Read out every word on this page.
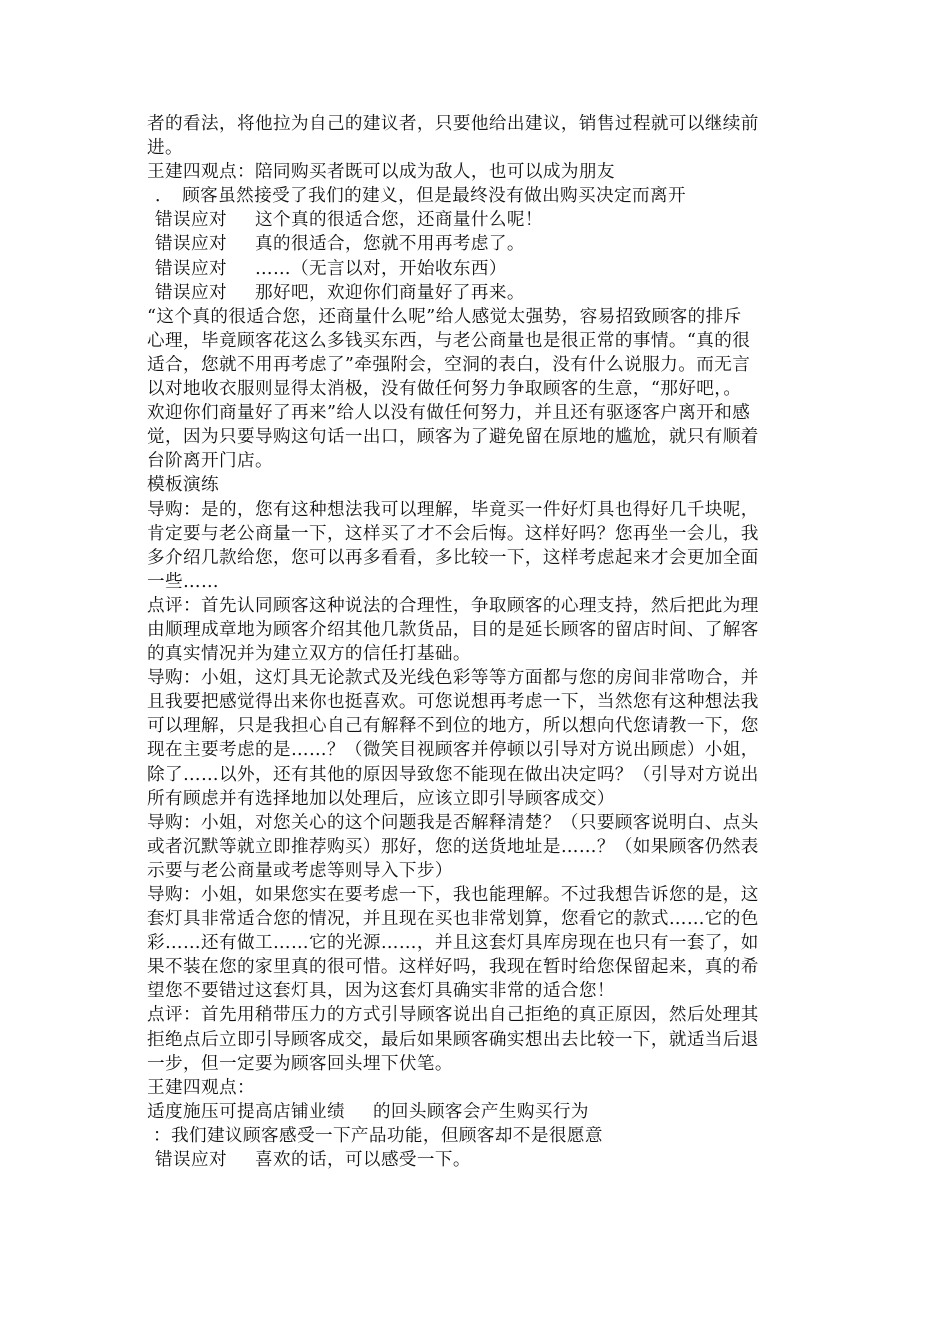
者的看法，将他拉为自己的建议者，只要他给出建议，销售过程就可以继续前
进。
王建四观点：陪同购买者既可以成为敌人，也可以成为朋友
．　顾客虽然接受了我们的建义，但是最终没有做出购买决定而离开
错误应对 这个真的很适合您，还商量什么呢！
错误应对 真的很适合，您就不用再考虑了。
错误应对 ……（无言以对，开始收东西）
错误应对 那好吧，欢迎你们商量好了再来。
“这个真的很适合您，还商量什么呢”给人感觉太强势，容易招致顾客的排斥
心理，毕竟顾客花这么多钱买东西，与老公商量也是很正常的事情。“真的很
适合，您就不用再考虑了”牵强附会，空洞的表白，没有什么说服力。而无言
以对地收衣服则显得太消极，没有做任何努力争取顾客的生意，“那好吧，。
欢迎你们商量好了再来”给人以没有做任何努力，并且还有驱逐客户离开和感
觉，因为只要导购这句话一出口，顾客为了避免留在原地的尴尬，就只有顺着
台阶离开门店。
模板演练
导购：是的，您有这种想法我可以理解，毕竟买一件好灯具也得好几千块呢，
肯定要与老公商量一下，这样买了才不会后悔。这样好吗？您再坐一会儿，我
多介绍几款给您，您可以再多看看，多比较一下，这样考虑起来才会更加全面
一些……
点评：首先认同顾客这种说法的合理性，争取顾客的心理支持，然后把此为理
由顺理成章地为顾客介绍其他几款货品，目的是延长顾客的留店时间、了解客
的真实情况并为建立双方的信任打基础。
导购：小姐，这灯具无论款式及光线色彩等等方面都与您的房间非常吻合，并
且我要把感觉得出来你也挺喜欢。可您说想再考虑一下，当然您有这种想法我
可以理解，只是我担心自己有解释不到位的地方，所以想向代您请教一下，您
现在主要考虑的是……？（微笑目视顾客并停顿以引导对方说出顾虑）小姐，
除了……以外，还有其他的原因导致您不能现在做出决定吗？（引导对方说出
所有顾虑并有选择地加以处理后，应该立即引导顾客成交）
导购：小姐，对您关心的这个问题我是否解释清楚？（只要顾客说明白、点头
或者沉默等就立即推荐购买）那好，您的送货地址是……？（如果顾客仍然表
示要与老公商量或考虑等则导入下步）
导购：小姐，如果您实在要考虑一下，我也能理解。不过我想告诉您的是，这
套灯具非常适合您的情况，并且现在买也非常划算，您看它的款式……它的色
彩……还有做工……它的光源……，并且这套灯具库房现在也只有一套了，如
果不装在您的家里真的很可惜。这样好吗，我现在暂时给您保留起来，真的希
望您不要错过这套灯具，因为这套灯具确实非常的适合您！
点评：首先用稍带压力的方式引导顾客说出自己拒绝的真正原因，然后处理其
拒绝点后立即引导顾客成交，最后如果顾客确实想出去比较一下，就适当后退
一步，但一定要为顾客回头埋下伏笔。
王建四观点：
适度施压可提高店铺业绩 的回头顾客会产生购买行为
：我们建议顾客感受一下产品功能，但顾客却不是很愿意
错误应对 喜欢的话，可以感受一下。
